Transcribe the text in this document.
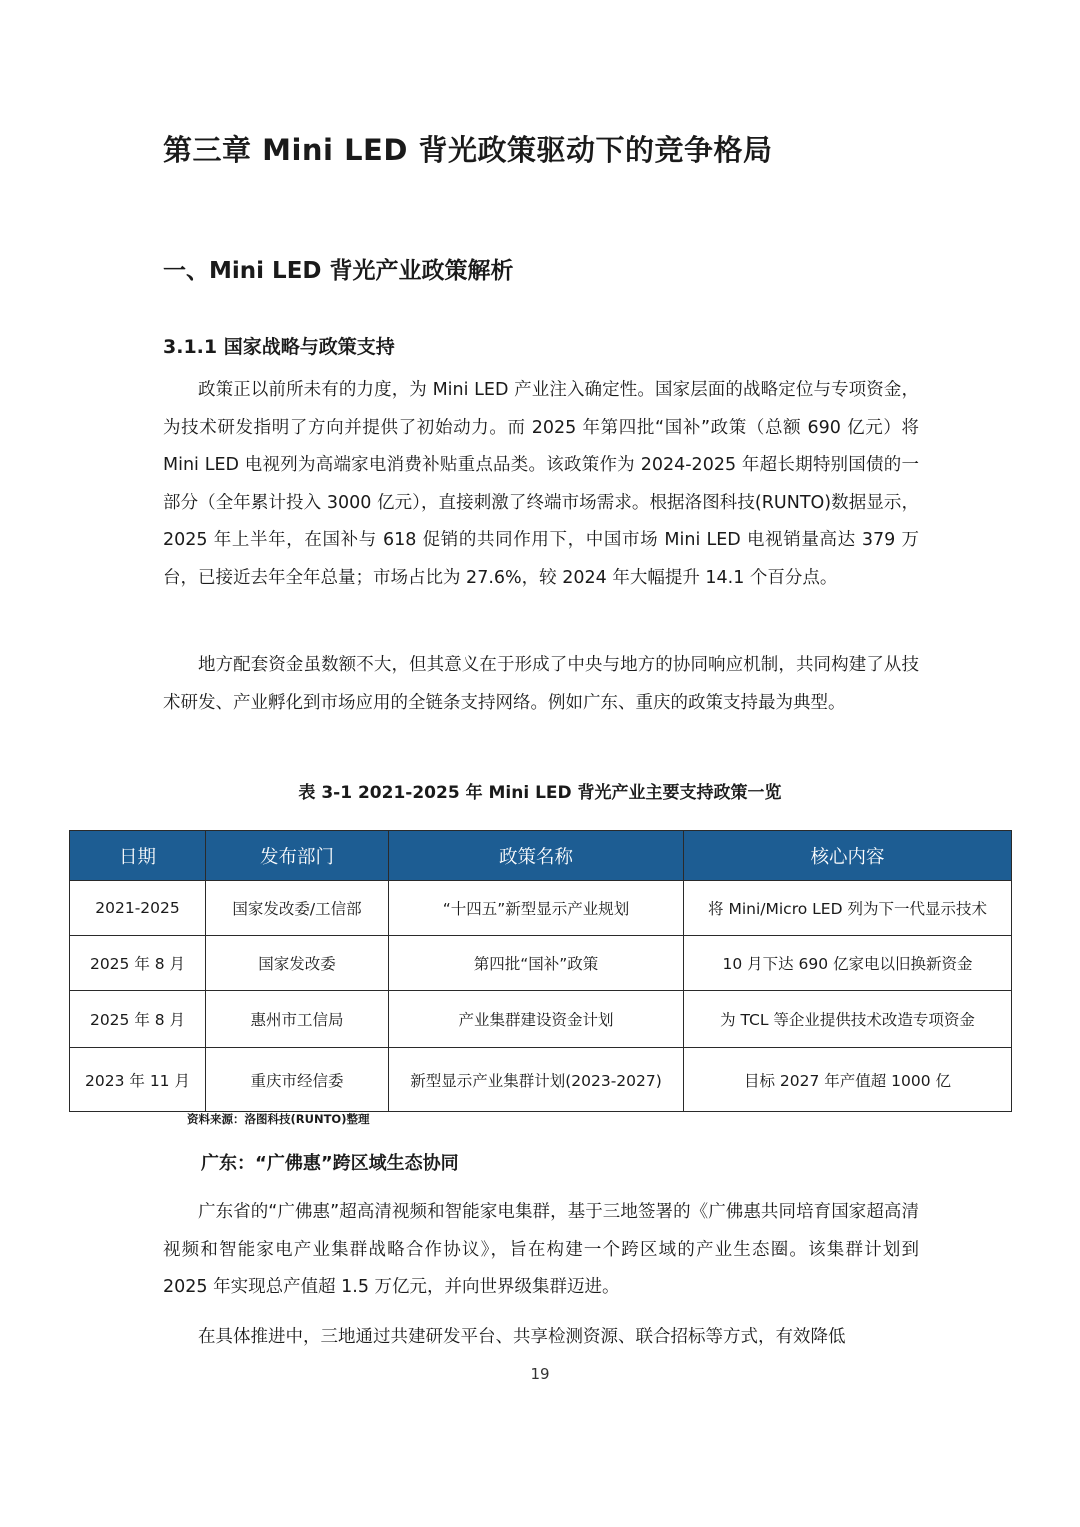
第三章 Mini LED 背光政策驱动下的竞争格局
一、Mini LED 背光产业政策解析
3.1.1 国家战略与政策支持

政策正以前所未有的力度，为 Mini LED 产业注入确定性。国家层面的战略定位与专项资金，为技术研发指明了方向并提供了初始动力。而 2025 年第四批“国补”政策（总额 690 亿元）将 Mini LED 电视列为高端家电消费补贴重点品类。该政策作为 2024-2025 年超长期特别国债的一部分（全年累计投入 3000 亿元），直接刺激了终端市场需求。根据洛图科技(RUNTO)数据显示，2025 年上半年，在国补与 618 促销的共同作用下，中国市场 Mini LED 电视销量高达 379 万台，已接近去年全年总量；市场占比为 27.6%，较 2024 年大幅提升 14.1 个百分点。

地方配套资金虽数额不大，但其意义在于形成了中央与地方的协同响应机制，共同构建了从技术研发、产业孵化到市场应用的全链条支持网络。例如广东、重庆的政策支持最为典型。

表 3-1 2021-2025 年 Mini LED 背光产业主要支持政策一览
日期	发布部门	政策名称	核心内容
2021-2025	国家发改委/工信部	“十四五”新型显示产业规划	将 Mini/Micro LED 列为下一代显示技术
2025 年 8 月	国家发改委	第四批“国补”政策	10 月下达 690 亿家电以旧换新资金
2025 年 8 月	惠州市工信局	产业集群建设资金计划	为 TCL 等企业提供技术改造专项资金
2023 年 11 月	重庆市经信委	新型显示产业集群计划(2023-2027)	目标 2027 年产值超 1000 亿
资料来源：洛图科技(RUNTO)整理
广东：“广佛惠”跨区域生态协同

广东省的“广佛惠”超高清视频和智能家电集群，基于三地签署的《广佛惠共同培育国家超高清视频和智能家电产业集群战略合作协议》，旨在构建一个跨区域的产业生态圈。该集群计划到 2025 年实现总产值超 1.5 万亿元，并向世界级集群迈进。

在具体推进中，三地通过共建研发平台、共享检测资源、联合招标等方式，有效降低

19
